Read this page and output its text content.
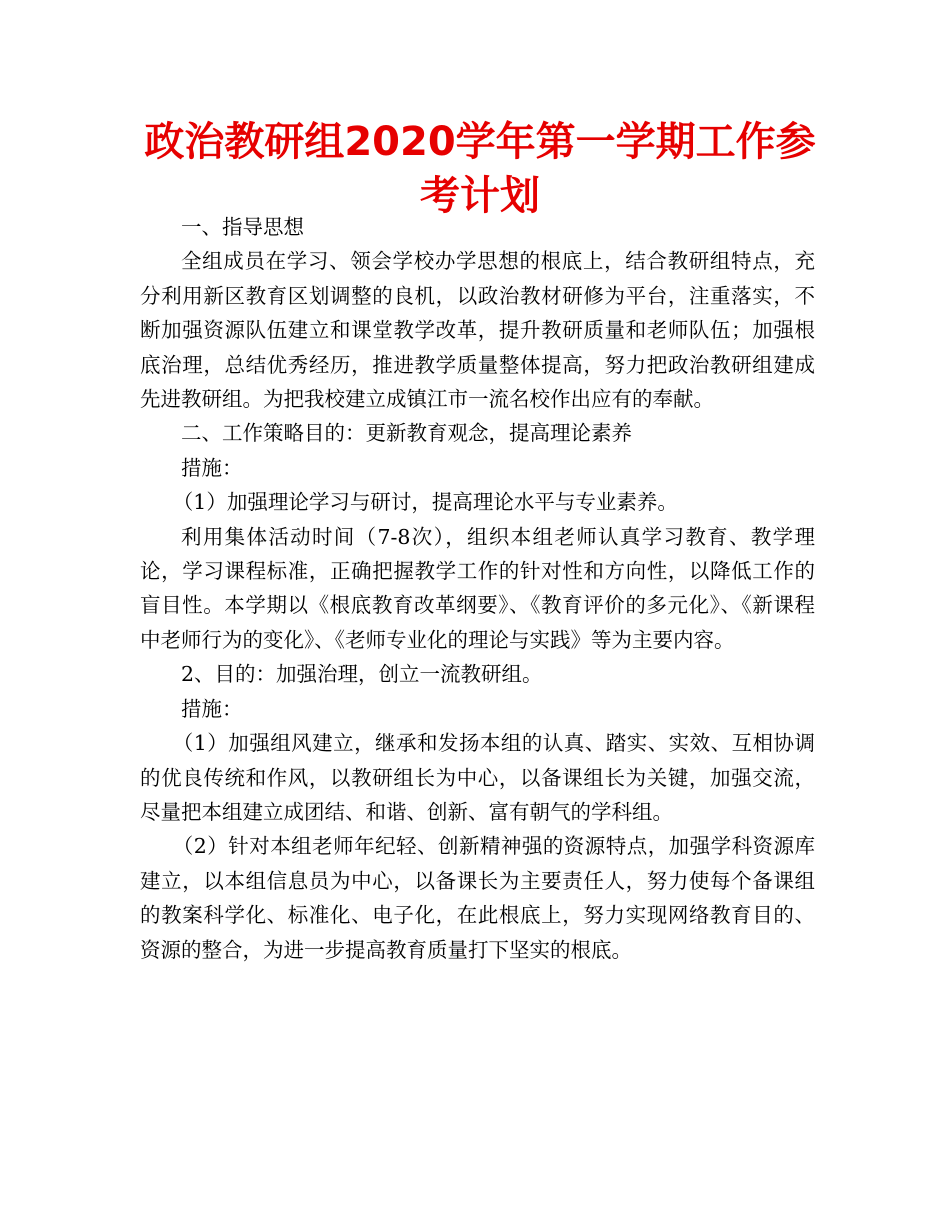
政治教研组2020学年第一学期工作参考计划

一、指导思想

全组成员在学习、领会学校办学思想的根底上，结合教研组特点，充分利用新区教育区划调整的良机，以政治教材研修为平台，注重落实，不断加强资源队伍建立和课堂教学改革，提升教研质量和老师队伍；加强根底治理，总结优秀经历，推进教学质量整体提高，努力把政治教研组建成先进教研组。为把我校建立成镇江市一流名校作出应有的奉献。

二、工作策略目的：更新教育观念，提高理论素养

措施：

（1）加强理论学习与研讨，提高理论水平与专业素养。

利用集体活动时间（7-8次），组织本组老师认真学习教育、教学理论，学习课程标准，正确把握教学工作的针对性和方向性，以降低工作的盲目性。本学期以《根底教育改革纲要》、《教育评价的多元化》、《新课程中老师行为的变化》、《老师专业化的理论与实践》等为主要内容。

2、目的：加强治理，创立一流教研组。

措施：

（1）加强组风建立，继承和发扬本组的认真、踏实、实效、互相协调的优良传统和作风，以教研组长为中心，以备课组长为关键，加强交流，尽量把本组建立成团结、和谐、创新、富有朝气的学科组。

（2）针对本组老师年纪轻、创新精神强的资源特点，加强学科资源库建立，以本组信息员为中心，以备课长为主要责任人，努力使每个备课组的教案科学化、标准化、电子化，在此根底上，努力实现网络教育目的、资源的整合，为进一步提高教育质量打下坚实的根底。
